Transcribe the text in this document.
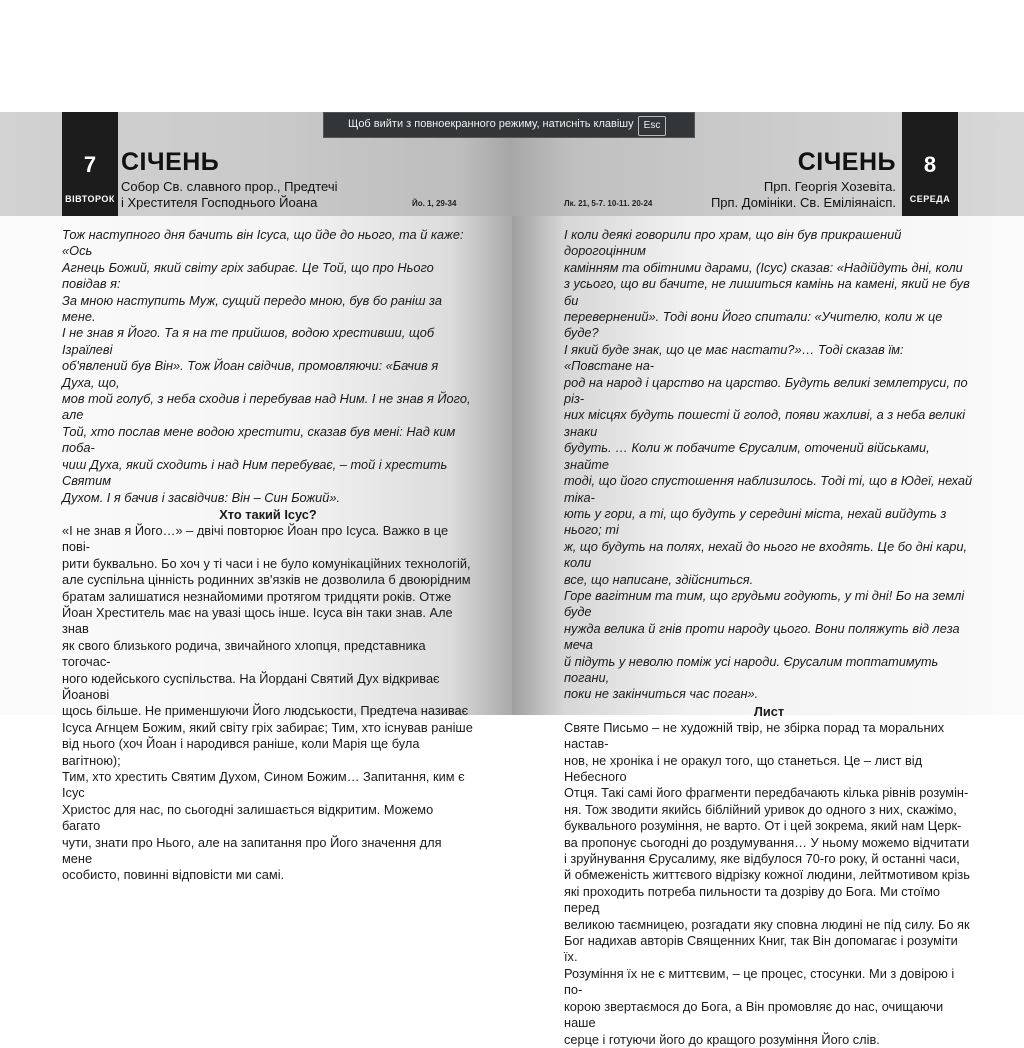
7
ВІВТОРОК
СІЧЕНЬ
Собор Св. славного прор., Предтечі
і Хрестителя Господнього Йоана	Йо. 1, 29-34

Тож наступного дня бачить він Ісуса, що йде до нього, та й каже: «Ось

Агнець Божий, який світу гріх забирає. Це Той, що про Нього повідав я:

За мною наступить Муж, сущий передо мною, був бо раніш за мене.

І не знав я Його. Та я на те прийшов, водою хрестивши, щоб Ізраїлеві

об'явлений був Він». Тож Йоан свідчив, промовляючи: «Бачив я Духа, що,

мов той голуб, з неба сходив і перебував над Ним. І не знав я Його, але

Той, хто послав мене водою хрестити, сказав був мені: Над ким поба-

чиш Духа, який сходить і над Ним перебуває, – той і хрестить Святим

Духом. І я бачив і засвідчив: Він – Син Божий».

Хто такий Ісус?

«І не знав я Його…» – двічі повторює Йоан про Ісуса. Важко в це пові-

рити буквально. Бо хоч у ті часи і не було комунікаційних технологій,

але суспільна цінність родинних зв'язків не дозволила б двоюрідним

братам залишатися незнайомими протягом тридцяти років. Отже

Йоан Хреститель має на увазі щось інше. Ісуса він таки знав. Але знав

як свого близького родича, звичайного хлопця, представника тогочас-

ного юдейського суспільства. На Йордані Святий Дух відкриває Йоанові

щось більше. Не применшуючи Його людськости, Предтеча називає

Ісуса Агнцем Божим, який світу гріх забирає; Тим, хто існував раніше

від нього (хоч Йоан і народився раніше, коли Марія ще була вагітною);

Тим, хто хрестить Святим Духом, Сином Божим… Запитання, ким є Ісус

Христос для нас, по сьогодні залишається відкритим. Можемо багато

чути, знати про Нього, але на запитання про Його значення для мене

особисто, повинні відповісти ми самі.

8
СЕРЕДА
СІЧЕНЬ
Прп. Георгія Хозевіта.
Прп. Домініки. Св. Еміліянаісп.
Лк. 21, 5-7. 10-11. 20-24

І коли деякі говорили про храм, що він був прикрашений дорогоцінним

камінням та обітними дарами, (Ісус) сказав: «Надійдуть дні, коли

з усього, що ви бачите, не лишиться камінь на камені, який не був би

перевернений». Тоді вони Його спитали: «Учителю, коли ж це буде?

І який буде знак, що це має настати?»… Тоді сказав їм: «Повстане на-

род на народ і царство на царство. Будуть великі землетруси, по різ-

них місцях будуть пошесті й голод, появи жахливі, а з неба великі знаки

будуть. … Коли ж побачите Єрусалим, оточений військами, знайте

тоді, що його спустошення наблизилось. Тоді ті, що в Юдеї, нехай тіка-

ють у гори, а ті, що будуть у середині міста, нехай вийдуть з нього; ті

ж, що будуть на полях, нехай до нього не входять. Це бо дні кари, коли

все, що написане, здійсниться.

Горе вагітним та тим, що грудьми годують, у ті дні! Бо на землі буде

нужда велика й гнів проти народу цього. Вони поляжуть від леза меча

й підуть у неволю поміж усі народи. Єрусалим топтатимуть погани,

поки не закінчиться час поган».

Лист

Святе Письмо – не художній твір, не збірка порад та моральних настав-

нов, не хроніка і не оракул того, що станеться. Це – лист від Небесного

Отця. Такі самі його фрагменти передбачають кілька рівнів розумін-

ня. Тож зводити якийсь біблійний уривок до одного з них, скажімо,

буквального розуміння, не варто. От і цей зокрема, який нам Церк-

ва пропонує сьогодні до роздумування… У ньому можемо відчитати

і зруйнування Єрусалиму, яке відбулося 70-го року, й останні часи,

й обмеженість життєвого відрізку кожної людини, лейтмотивом крізь

які проходить потреба пильности та дозріву до Бога. Ми стоїмо перед

великою таємницею, розгадати яку сповна людині не під силу. Бо як

Бог надихав авторів Священних Книг, так Він допомагає і розуміти їх.

Розуміння їх не є миттєвим, – це процес, стосунки. Ми з довірою і по-

корою звертаємося до Бога, а Він промовляє до нас, очищаючи наше

серце і готуючи його до кращого розуміння Його слів.

Щоб вийти з повноекранного режиму, натисніть клавішу	Esc
